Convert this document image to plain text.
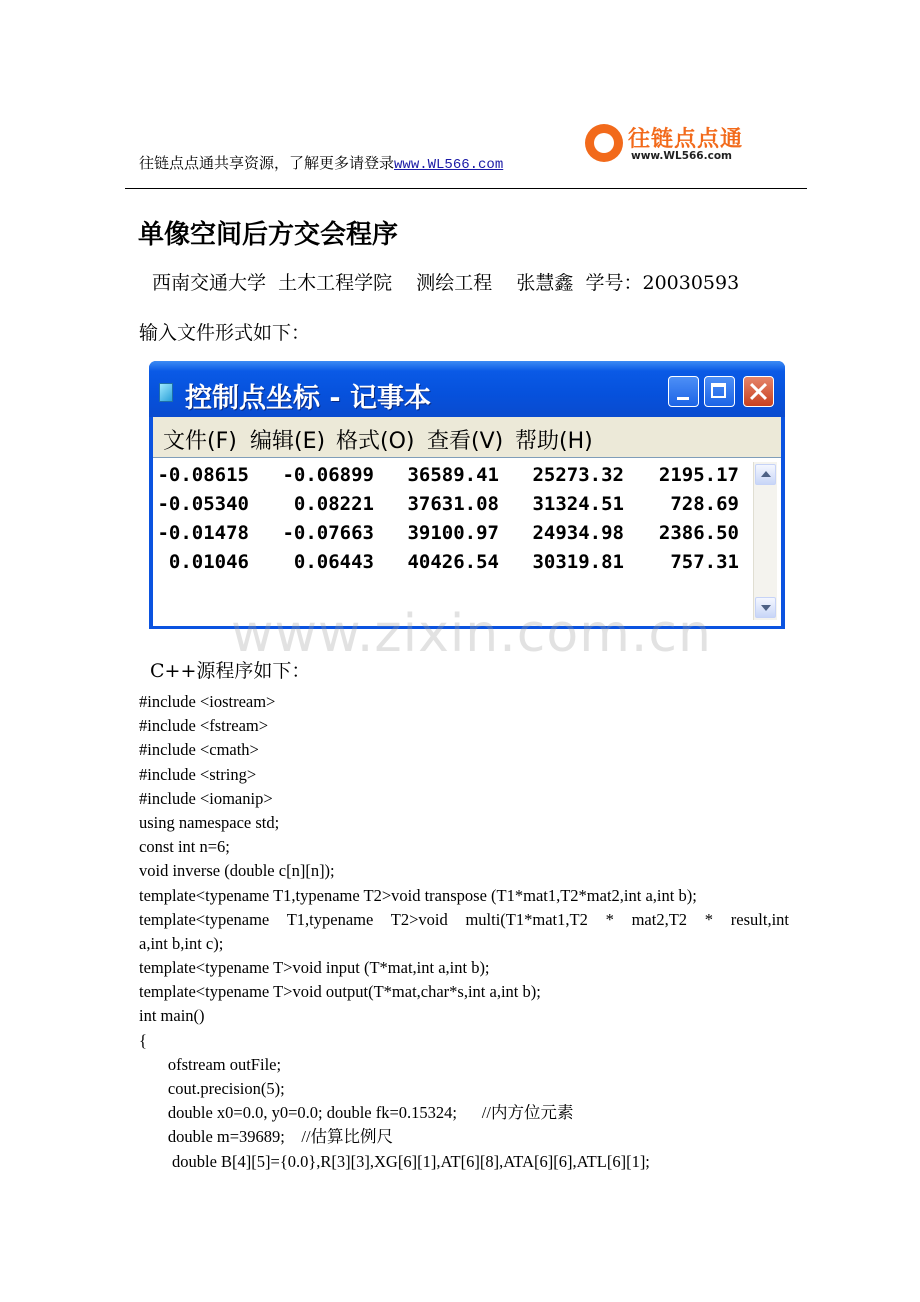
往链点点通共享资源，了解更多请登录www.WL566.com
往链点点通
www.WL566.com
单像空间后方交会程序
西南交通大学  土木工程学院    测绘工程    张慧鑫  学号：20030593
输入文件形式如下：
控制点坐标 - 记事本
文件(F) 编辑(E) 格式(O) 查看(V) 帮助(H)
-0.08615	-0.06899	36589.41	25273.32	2195.17
-0.05340	0.08221	37631.08	31324.51	728.69
-0.01478	-0.07663	39100.97	24934.98	2386.50
0.01046	0.06443	40426.54	30319.81	757.31
www.zixin.com.cn
C++源程序如下：
#include <iostream>
#include <fstream>
#include <cmath>
#include <string>
#include <iomanip>
using namespace std;
const int n=6;
void inverse (double c[n][n]);
template<typename T1,typename T2>void transpose (T1*mat1,T2*mat2,int a,int b);
template<typename T1,typename T2>void multi(T1*mat1,T2 * mat2,T2 * result,int
a,int b,int c);
template<typename T>void input (T*mat,int a,int b);
template<typename T>void output(T*mat,char*s,int a,int b);
int main()
{
ofstream outFile;
cout.precision(5);
double x0=0.0, y0=0.0; double fk=0.15324;      //内方位元素
double m=39689;    //估算比例尺
double B[4][5]={0.0},R[3][3],XG[6][1],AT[6][8],ATA[6][6],ATL[6][1];
